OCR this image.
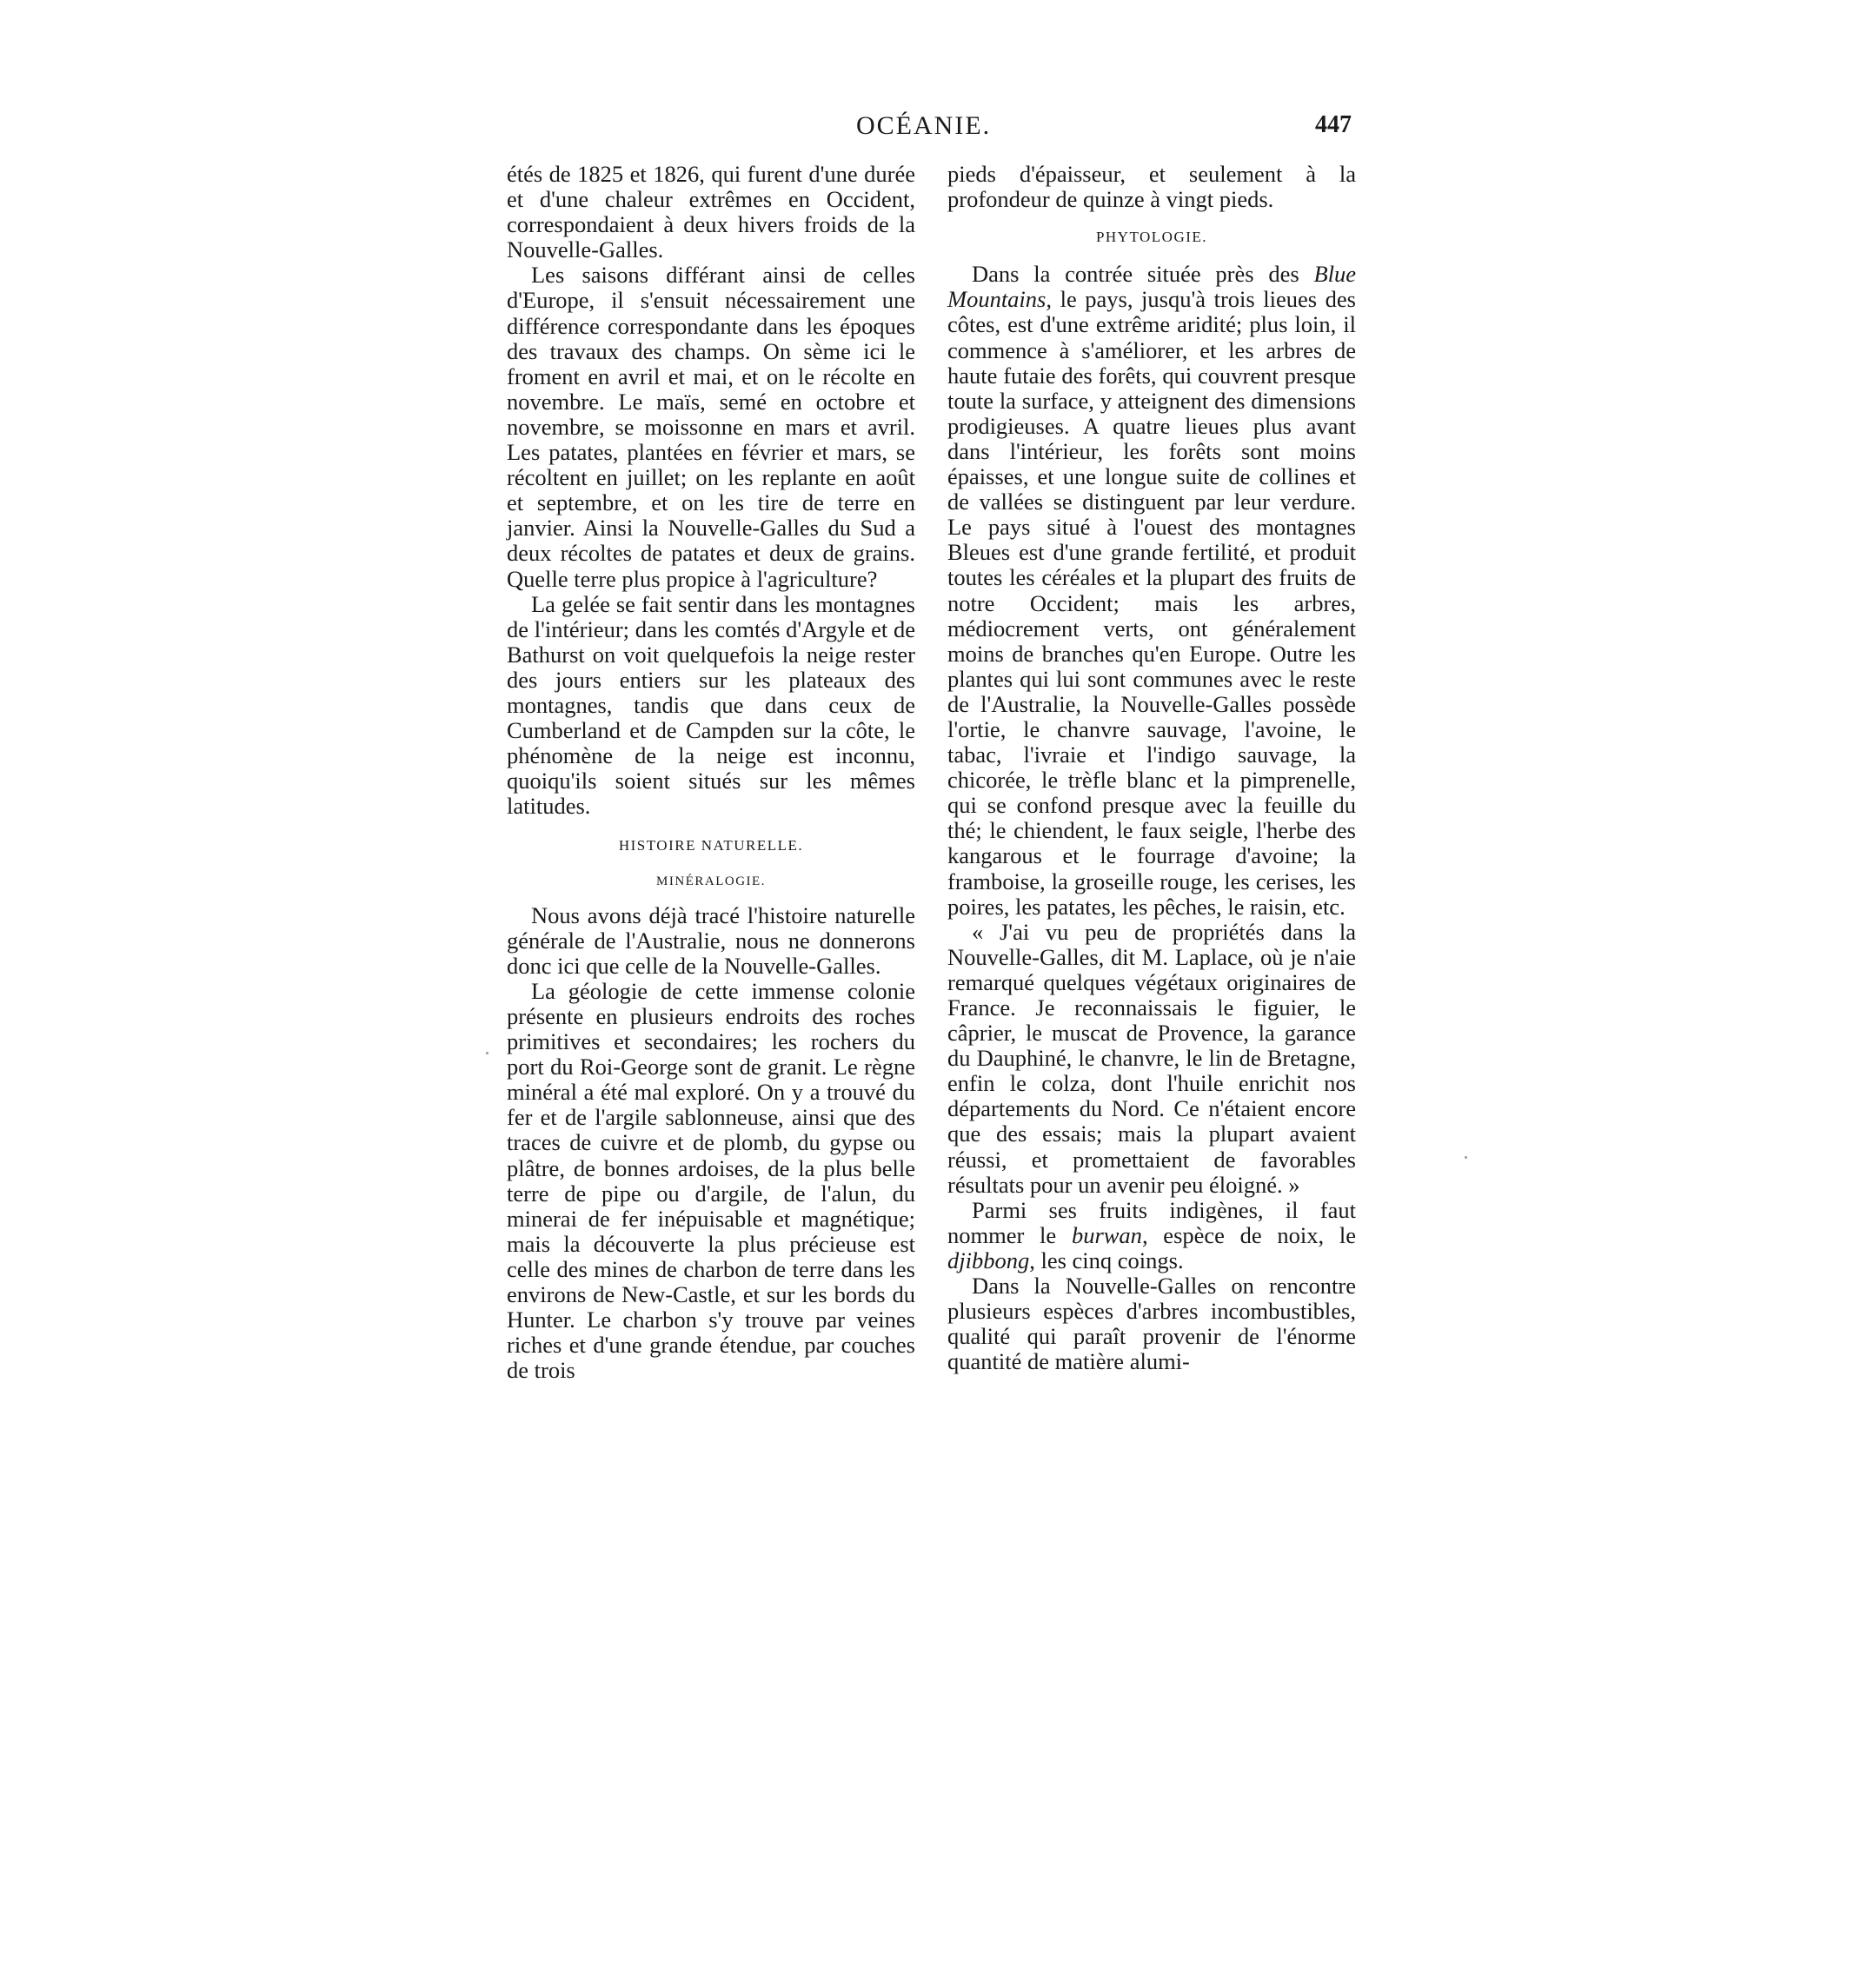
OCÉANIE.	447

étés de 1825 et 1826, qui furent d'une durée et d'une chaleur extrêmes en Occident, correspondaient à deux hivers froids de la Nouvelle-Galles.

Les saisons différant ainsi de celles d'Europe, il s'ensuit nécessairement une différence correspondante dans les époques des travaux des champs. On sème ici le froment en avril et mai, et on le récolte en novembre. Le maïs, semé en octobre et novembre, se moissonne en mars et avril. Les patates, plantées en février et mars, se récoltent en juillet; on les replante en août et septembre, et on les tire de terre en janvier. Ainsi la Nouvelle-Galles du Sud a deux récoltes de patates et deux de grains. Quelle terre plus propice à l'agriculture?

La gelée se fait sentir dans les montagnes de l'intérieur; dans les comtés d'Argyle et de Bathurst on voit quelquefois la neige rester des jours entiers sur les plateaux des montagnes, tandis que dans ceux de Cumberland et de Campden sur la côte, le phénomène de la neige est inconnu, quoiqu'ils soient situés sur les mêmes latitudes.

HISTOIRE NATURELLE.
MINÉRALOGIE.

Nous avons déjà tracé l'histoire naturelle générale de l'Australie, nous ne donnerons donc ici que celle de la Nouvelle-Galles.

La géologie de cette immense colonie présente en plusieurs endroits des roches primitives et secondaires; les rochers du port du Roi-George sont de granit. Le règne minéral a été mal exploré. On y a trouvé du fer et de l'argile sablonneuse, ainsi que des traces de cuivre et de plomb, du gypse ou plâtre, de bonnes ardoises, de la plus belle terre de pipe ou d'argile, de l'alun, du minerai de fer inépuisable et magnétique; mais la découverte la plus précieuse est celle des mines de charbon de terre dans les environs de New-Castle, et sur les bords du Hunter. Le charbon s'y trouve par veines riches et d'une grande étendue, par couches de trois

pieds d'épaisseur, et seulement à la profondeur de quinze à vingt pieds.

PHYTOLOGIE.

Dans la contrée située près des Blue Mountains, le pays, jusqu'à trois lieues des côtes, est d'une extrême aridité; plus loin, il commence à s'améliorer, et les arbres de haute futaie des forêts, qui couvrent presque toute la surface, y atteignent des dimensions prodigieuses. A quatre lieues plus avant dans l'intérieur, les forêts sont moins épaisses, et une longue suite de collines et de vallées se distinguent par leur verdure. Le pays situé à l'ouest des montagnes Bleues est d'une grande fertilité, et produit toutes les céréales et la plupart des fruits de notre Occident; mais les arbres, médiocrement verts, ont généralement moins de branches qu'en Europe. Outre les plantes qui lui sont communes avec le reste de l'Australie, la Nouvelle-Galles possède l'ortie, le chanvre sauvage, l'avoine, le tabac, l'ivraie et l'indigo sauvage, la chicorée, le trèfle blanc et la pimprenelle, qui se confond presque avec la feuille du thé; le chiendent, le faux seigle, l'herbe des kangarous et le fourrage d'avoine; la framboise, la groseille rouge, les cerises, les poires, les patates, les pêches, le raisin, etc.

« J'ai vu peu de propriétés dans la Nouvelle-Galles, dit M. Laplace, où je n'aie remarqué quelques végétaux originaires de France. Je reconnaissais le figuier, le câprier, le muscat de Provence, la garance du Dauphiné, le chanvre, le lin de Bretagne, enfin le colza, dont l'huile enrichit nos départements du Nord. Ce n'étaient encore que des essais; mais la plupart avaient réussi, et promettaient de favorables résultats pour un avenir peu éloigné. »

Parmi ses fruits indigènes, il faut nommer le burwan, espèce de noix, le djibbong, les cinq coings.

Dans la Nouvelle-Galles on rencontre plusieurs espèces d'arbres incombustibles, qualité qui paraît provenir de l'énorme quantité de matière alumi-
